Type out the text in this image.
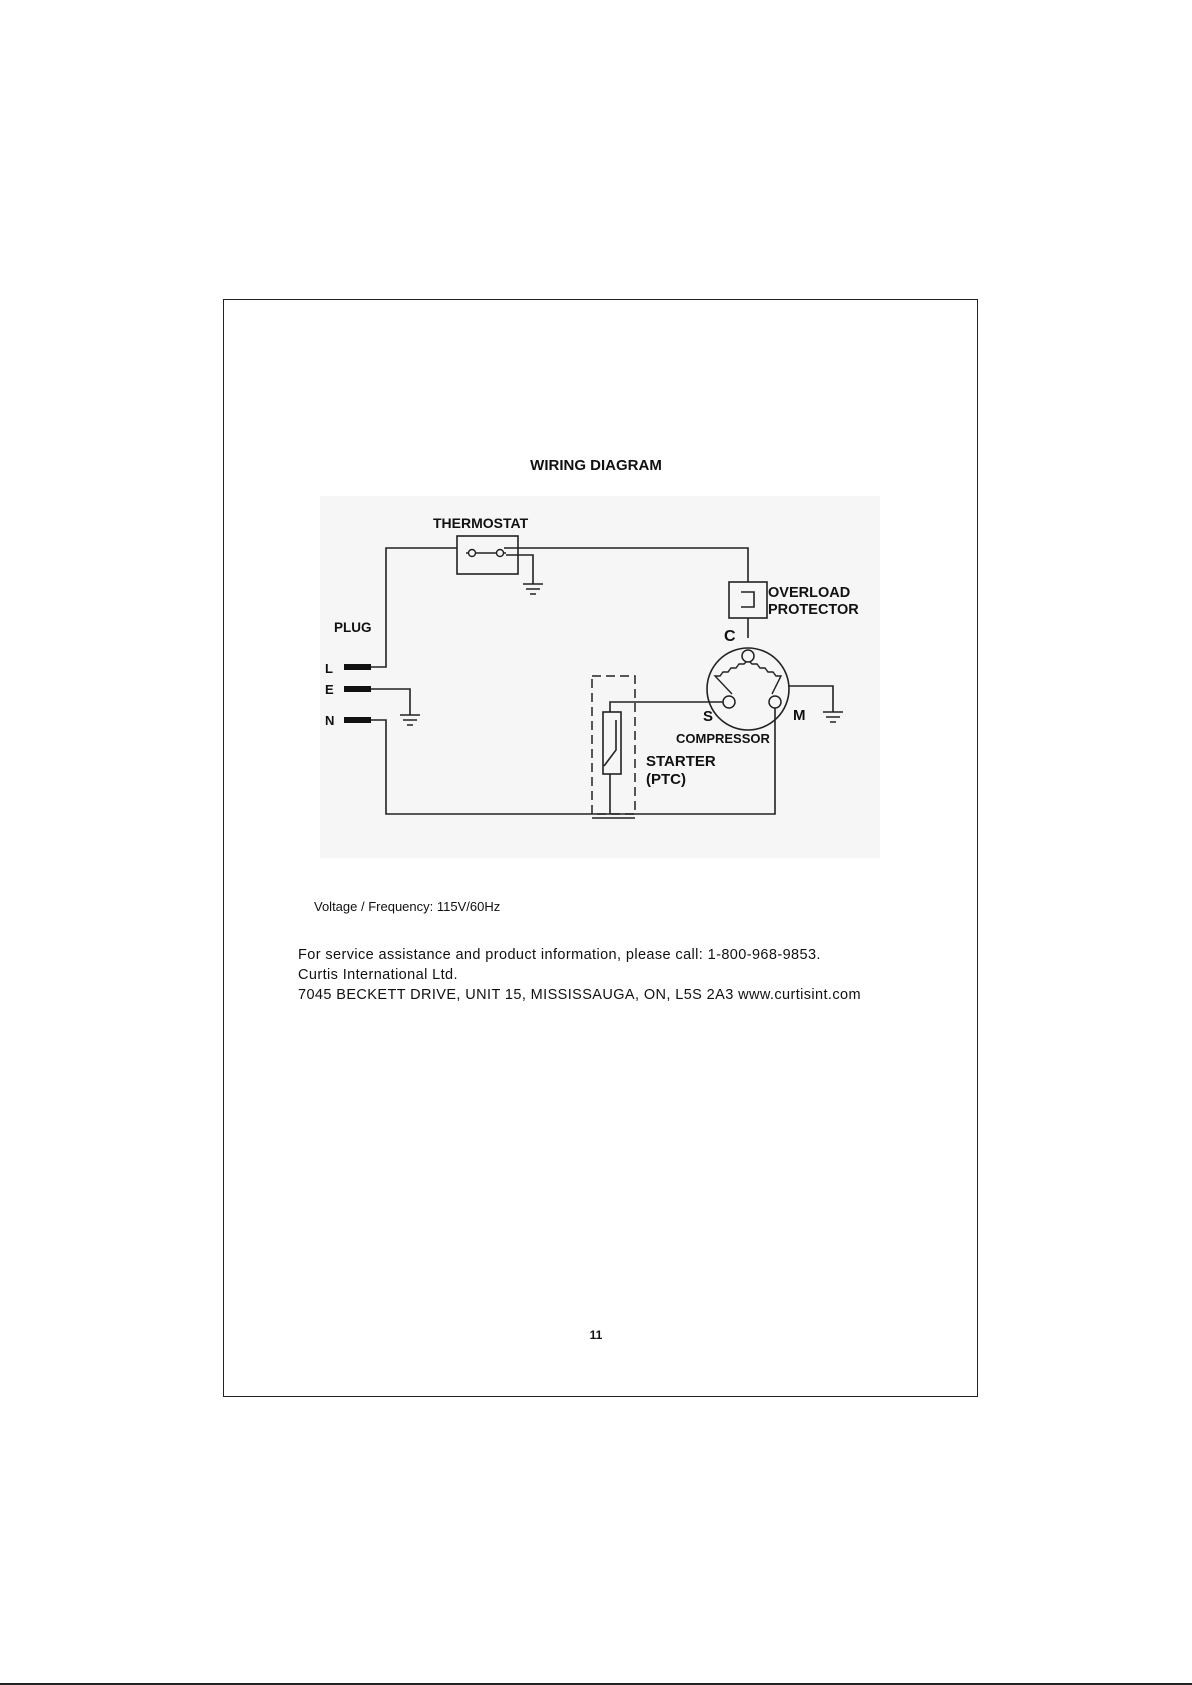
WIRING DIAGRAM
THERMOSTAT
PLUG
L
E
N
OVERLOAD
PROTECTOR
C
S	M
COMPRESSOR
STARTER
(PTC)
Voltage / Frequency: 115V/60Hz
For service assistance and product information, please call: 1-800-968-9853.
Curtis International Ltd.
7045 BECKETT DRIVE, UNIT 15, MISSISSAUGA, ON, L5S 2A3 www.curtisint.com
11
